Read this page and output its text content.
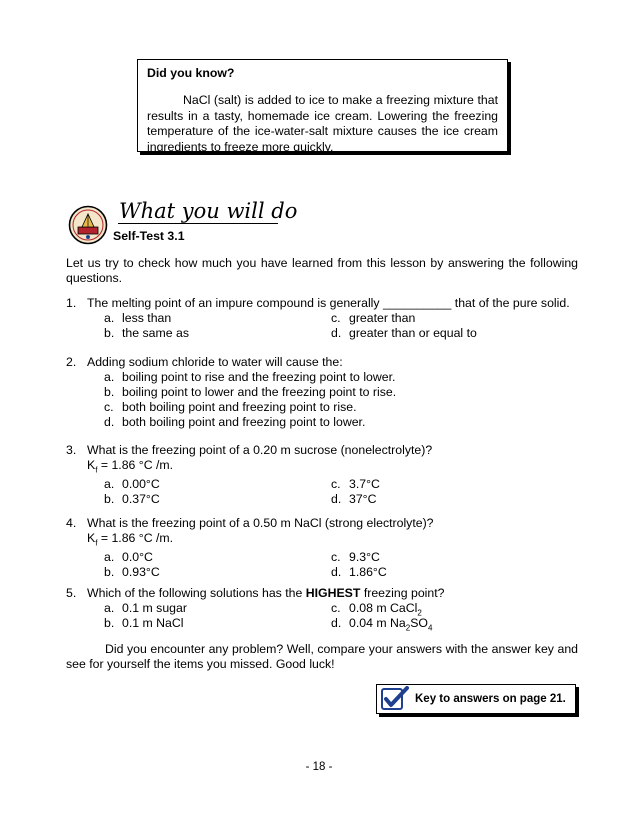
Did you know?
NaCl (salt) is added to ice to make a freezing mixture that results in a tasty, homemade ice cream. Lowering the freezing temperature of the ice-water-salt mixture causes the ice cream ingredients to freeze more quickly.
What you will do
Self-Test 3.1
Let us try to check how much you have learned from this lesson by answering the following questions.
1. The melting point of an impure compound is generally __________ that of the pure solid.
a. less than	c. greater than
b. the same as	d. greater than or equal to
2. Adding sodium chloride to water will cause the:
a. boiling point to rise and the freezing point to lower.
b. boiling point to lower and the freezing point to rise.
c. both boiling point and freezing point to rise.
d. both boiling point and freezing point to lower.
3. What is the freezing point of a 0.20 m sucrose (nonelectrolyte)?
$K_f = 1.86$ °C /m.
a. 0.00°C	c. 3.7°C
b. 0.37°C	d. 37°C
4. What is the freezing point of a 0.50 m NaCl (strong electrolyte)?
$K_f = 1.86$ °C /m.
a. 0.0°C	c. 9.3°C
b. 0.93°C	d. 1.86°C
5. Which of the following solutions has the HIGHEST freezing point?
a. 0.1 m sugar	c. 0.08 m CaCl$_2$
b. 0.1 m NaCl	d. 0.04 m $Na_2SO_4$
Did you encounter any problem? Well, compare your answers with the answer key and see for yourself the items you missed. Good luck!
Key to answers on page 21.
- 18 -
